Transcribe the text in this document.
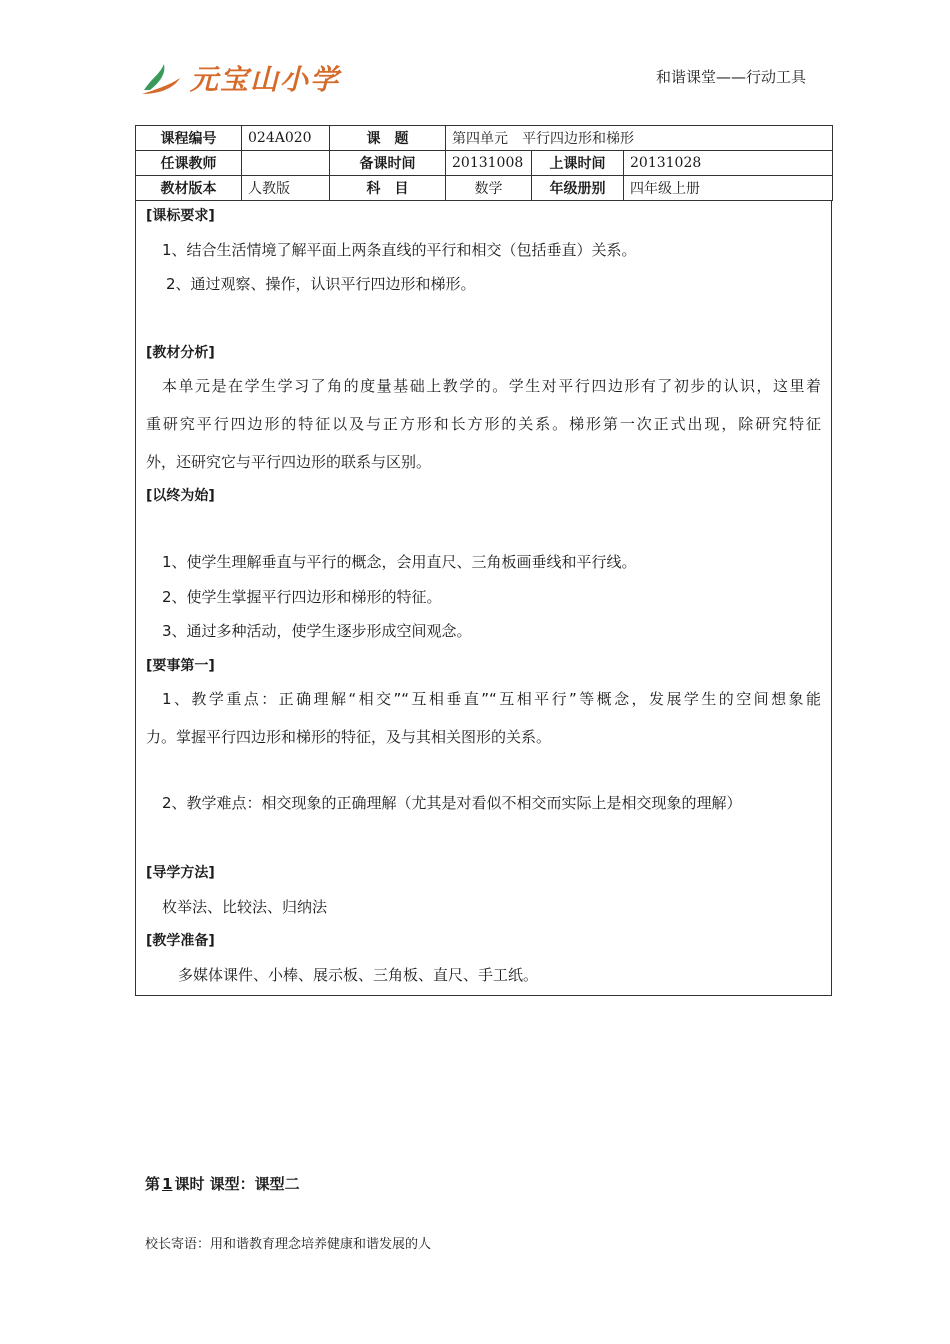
元宝山小学	和谐课堂——行动工具
课程编号	024A020	课　题	第四单元　平行四边形和梯形		
任课教师		备课时间	20131008	上课时间	20131028
教材版本	人教版	科　目	数学	年级册别	四年级上册
[课标要求]
1、结合生活情境了解平面上两条直线的平行和相交（包括垂直）关系。
2、通过观察、操作，认识平行四边形和梯形。
[教材分析]
本单元是在学生学习了角的度量基础上教学的。学生对平行四边形有了初步的认识，这里着
重研究平行四边形的特征以及与正方形和长方形的关系。梯形第一次正式出现，除研究特征
外，还研究它与平行四边形的联系与区别。
[以终为始]
1、使学生理解垂直与平行的概念，会用直尺、三角板画垂线和平行线。
2、使学生掌握平行四边形和梯形的特征。
3、通过多种活动，使学生逐步形成空间观念。
[要事第一]
1、教学重点：正确理解“相交”“互相垂直”“互相平行”等概念，发展学生的空间想象能
力。掌握平行四边形和梯形的特征，及与其相关图形的关系。
2、教学难点：相交现象的正确理解（尤其是对看似不相交而实际上是相交现象的理解）
[导学方法]
枚举法、比较法、归纳法
[教学准备]
多媒体课件、小棒、展示板、三角板、直尺、手工纸。
第 1 课时 课型：课型二
校长寄语：用和谐教育理念培养健康和谐发展的人
